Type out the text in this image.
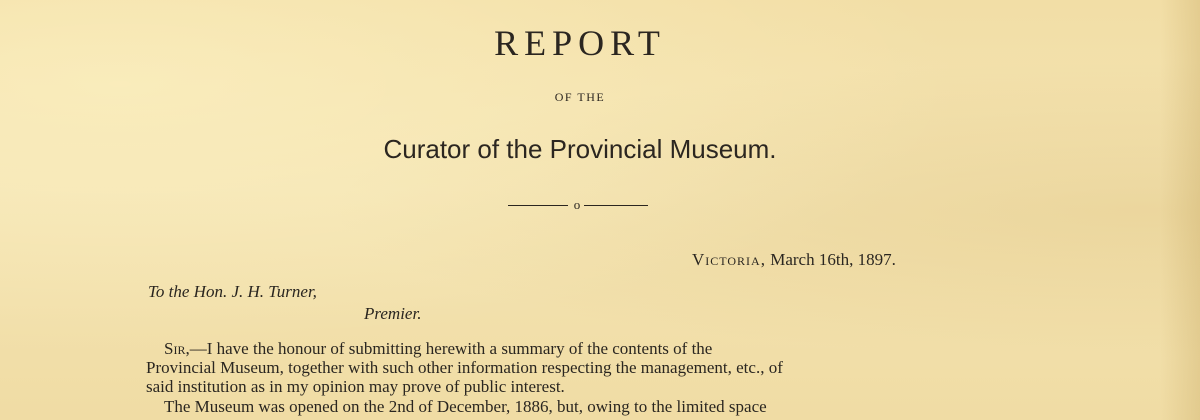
REPORT
OF THE
Curator of the Provincial Museum.
o
Victoria, March 16th, 1897.
To the Hon. J. H. Turner,
Premier.
Sir,—I have the honour of submitting herewith a summary of the contents of the
Provincial Museum, together with such other information respecting the management, etc., of
said institution as in my opinion may prove of public interest.
The Museum was opened on the 2nd of December, 1886, but, owing to the limited space
